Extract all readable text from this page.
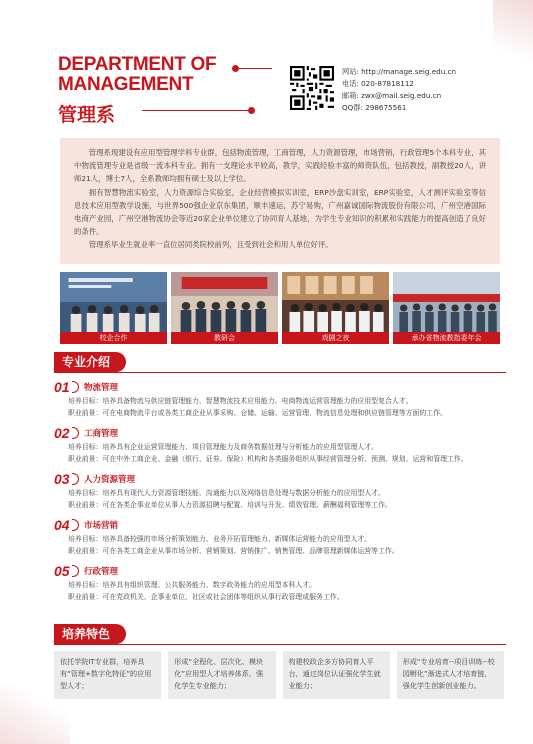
DEPARTMENT OF
MANAGEMENT
管理系
网站: http://manage.seig.edu.cn
电话: 020-87818112
邮箱: zwx@mail.seig.edu.cn
QQ群: 298675561

管理系现建设有应用型管理学科专业群，包括物流管理，工商管理，人力资源管理，市场营销，行政管理5个本科专业，其中物流管理专业是省级一流本科专业。拥有一支理论水平较高，教学，实践经验丰富的师资队伍，包括教授，副教授20人，讲师21人，博士7人，全系教师均拥有硕士及以上学位。

拥有智慧物流实验室，人力资源综合实验室，企业经营模拟实训室，ERP沙盘实训室，ERP实验室，人才测评实验室等信息技术应用型教学设施，与世界500强企业京东集团，顺丰速运，苏宁易购，广州嘉诚国际物流股份有限公司，广州空港国际电商产业园，广州空港物流协会等近20家企业单位建立了协同育人基地，为学生专业知识的积累和实践能力的提高创造了良好的条件。

管理系毕业生就业率一直位居同类院校前列，且受到社会和用人单位好评。

校企合作	教研会	戏剧之夜	承办省物流教指委年会
专业介绍
01 物流管理
培养目标：培养具备物流与供应链管理能力、智慧物流技术应用能力、电商物流运营管理能力的应用型复合人才。
职业前景：可在电商物流平台或各类工商企业从事采购、仓储、运输、运营管理、物流信息处理和供应链管理等方面的工作。
02 工商管理
培养目标：培养具有企业运营管理能力、项目管理能力及商务数据处理与分析能力的应用型管理人才。
职业前景：可在中外工商企业、金融（银行、证券、保险）机构和各类服务组织从事经营管理分析、预测、规划、运营和管理工作。
03 人力资源管理
培养目标：培养具有现代人力资源管理技能、沟通能力以及网络信息处理与数据分析能力的应用型人才。
职业前景：可在各类企事业单位从事人力资源招聘与配置、培训与开发、绩效管理、薪酬福利管理等工作。
04 市场营销
培养目标：培养具备较强的市场分析策划能力、业务开拓管理能力、新媒体运营能力的应用型人才。
职业前景：可在各类工商企业从事市场分析、营销策划、营销推广、销售管理、品牌管理新媒体运营等工作。
05 行政管理
培养目标：培养具有组织管理、公共服务能力、数字政务能力的应用型本科人才。
职业前景：可在党政机关、企事业单位、社区或社会团体等组织从事行政管理或服务工作。
培养特色
依托学院IT专业群，培养具有“管理+数字化特征”的应用型人才；
形成“全程化、层次化、模块化”应用型人才培养体系，强化学生专业能力；
构建校政企多方协同育人平台，通过岗位认证强化学生就业能力；
形成“专业培育--项目训练--校园孵化”渐进式人才培育链，强化学生创新创业能力。
